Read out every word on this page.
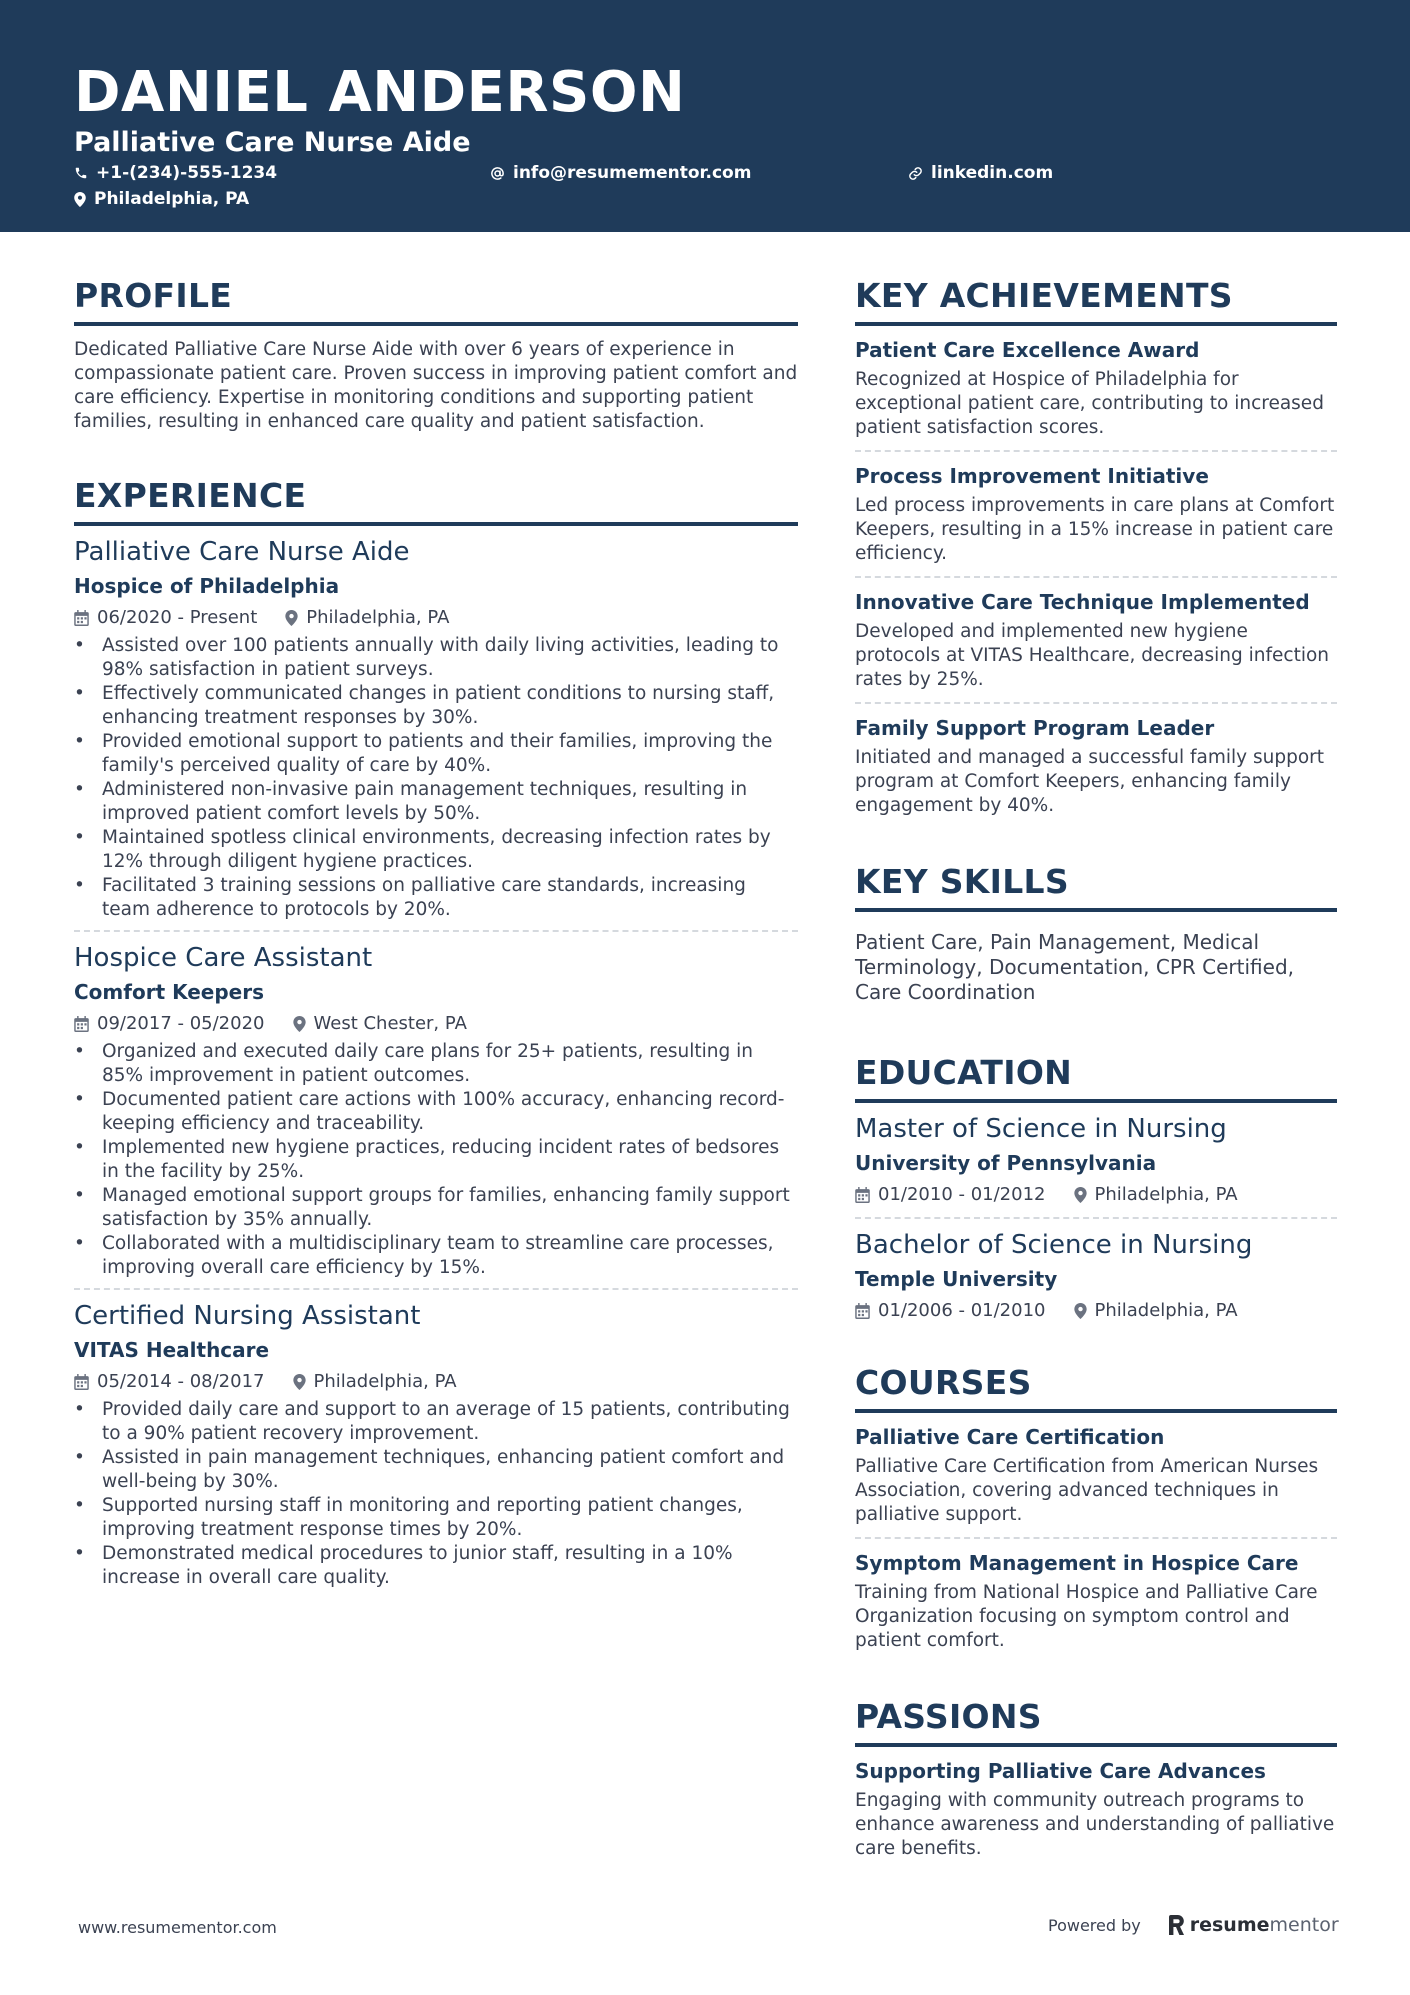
DANIEL ANDERSON
Palliative Care Nurse Aide
+1-(234)-555-1234	info@resumementor.com	linkedin.com
Philadelphia, PA
PROFILE

Dedicated Palliative Care Nurse Aide with over 6 years of experience in compassionate patient care. Proven success in improving patient comfort and care efficiency. Expertise in monitoring conditions and supporting patient families, resulting in enhanced care quality and patient satisfaction.

EXPERIENCE
Palliative Care Nurse Aide
Hospice of Philadelphia
06/2020 - Present	Philadelphia, PA
• Assisted over 100 patients annually with daily living activities, leading to 98% satisfaction in patient surveys.
• Effectively communicated changes in patient conditions to nursing staff, enhancing treatment responses by 30%.
• Provided emotional support to patients and their families, improving the family's perceived quality of care by 40%.
• Administered non-invasive pain management techniques, resulting in improved patient comfort levels by 50%.
• Maintained spotless clinical environments, decreasing infection rates by 12% through diligent hygiene practices.
• Facilitated 3 training sessions on palliative care standards, increasing team adherence to protocols by 20%.
Hospice Care Assistant
Comfort Keepers
09/2017 - 05/2020	West Chester, PA
• Organized and executed daily care plans for 25+ patients, resulting in 85% improvement in patient outcomes.
• Documented patient care actions with 100% accuracy, enhancing record-keeping efficiency and traceability.
• Implemented new hygiene practices, reducing incident rates of bedsores in the facility by 25%.
• Managed emotional support groups for families, enhancing family support satisfaction by 35% annually.
• Collaborated with a multidisciplinary team to streamline care processes, improving overall care efficiency by 15%.
Certified Nursing Assistant
VITAS Healthcare
05/2014 - 08/2017	Philadelphia, PA
• Provided daily care and support to an average of 15 patients, contributing to a 90% patient recovery improvement.
• Assisted in pain management techniques, enhancing patient comfort and well-being by 30%.
• Supported nursing staff in monitoring and reporting patient changes, improving treatment response times by 20%.
• Demonstrated medical procedures to junior staff, resulting in a 10% increase in overall care quality.
KEY ACHIEVEMENTS
Patient Care Excellence Award
Recognized at Hospice of Philadelphia for exceptional patient care, contributing to increased patient satisfaction scores.
Process Improvement Initiative
Led process improvements in care plans at Comfort Keepers, resulting in a 15% increase in patient care efficiency.
Innovative Care Technique Implemented
Developed and implemented new hygiene protocols at VITAS Healthcare, decreasing infection rates by 25%.
Family Support Program Leader
Initiated and managed a successful family support program at Comfort Keepers, enhancing family engagement by 40%.
KEY SKILLS
Patient Care, Pain Management, Medical Terminology, Documentation, CPR Certified, Care Coordination
EDUCATION
Master of Science in Nursing
University of Pennsylvania
01/2010 - 01/2012	Philadelphia, PA
Bachelor of Science in Nursing
Temple University
01/2006 - 01/2010	Philadelphia, PA
COURSES
Palliative Care Certification
Palliative Care Certification from American Nurses Association, covering advanced techniques in palliative support.
Symptom Management in Hospice Care
Training from National Hospice and Palliative Care Organization focusing on symptom control and patient comfort.
PASSIONS
Supporting Palliative Care Advances
Engaging with community outreach programs to enhance awareness and understanding of palliative care benefits.
www.resumementor.com	Powered by	resume mentor
